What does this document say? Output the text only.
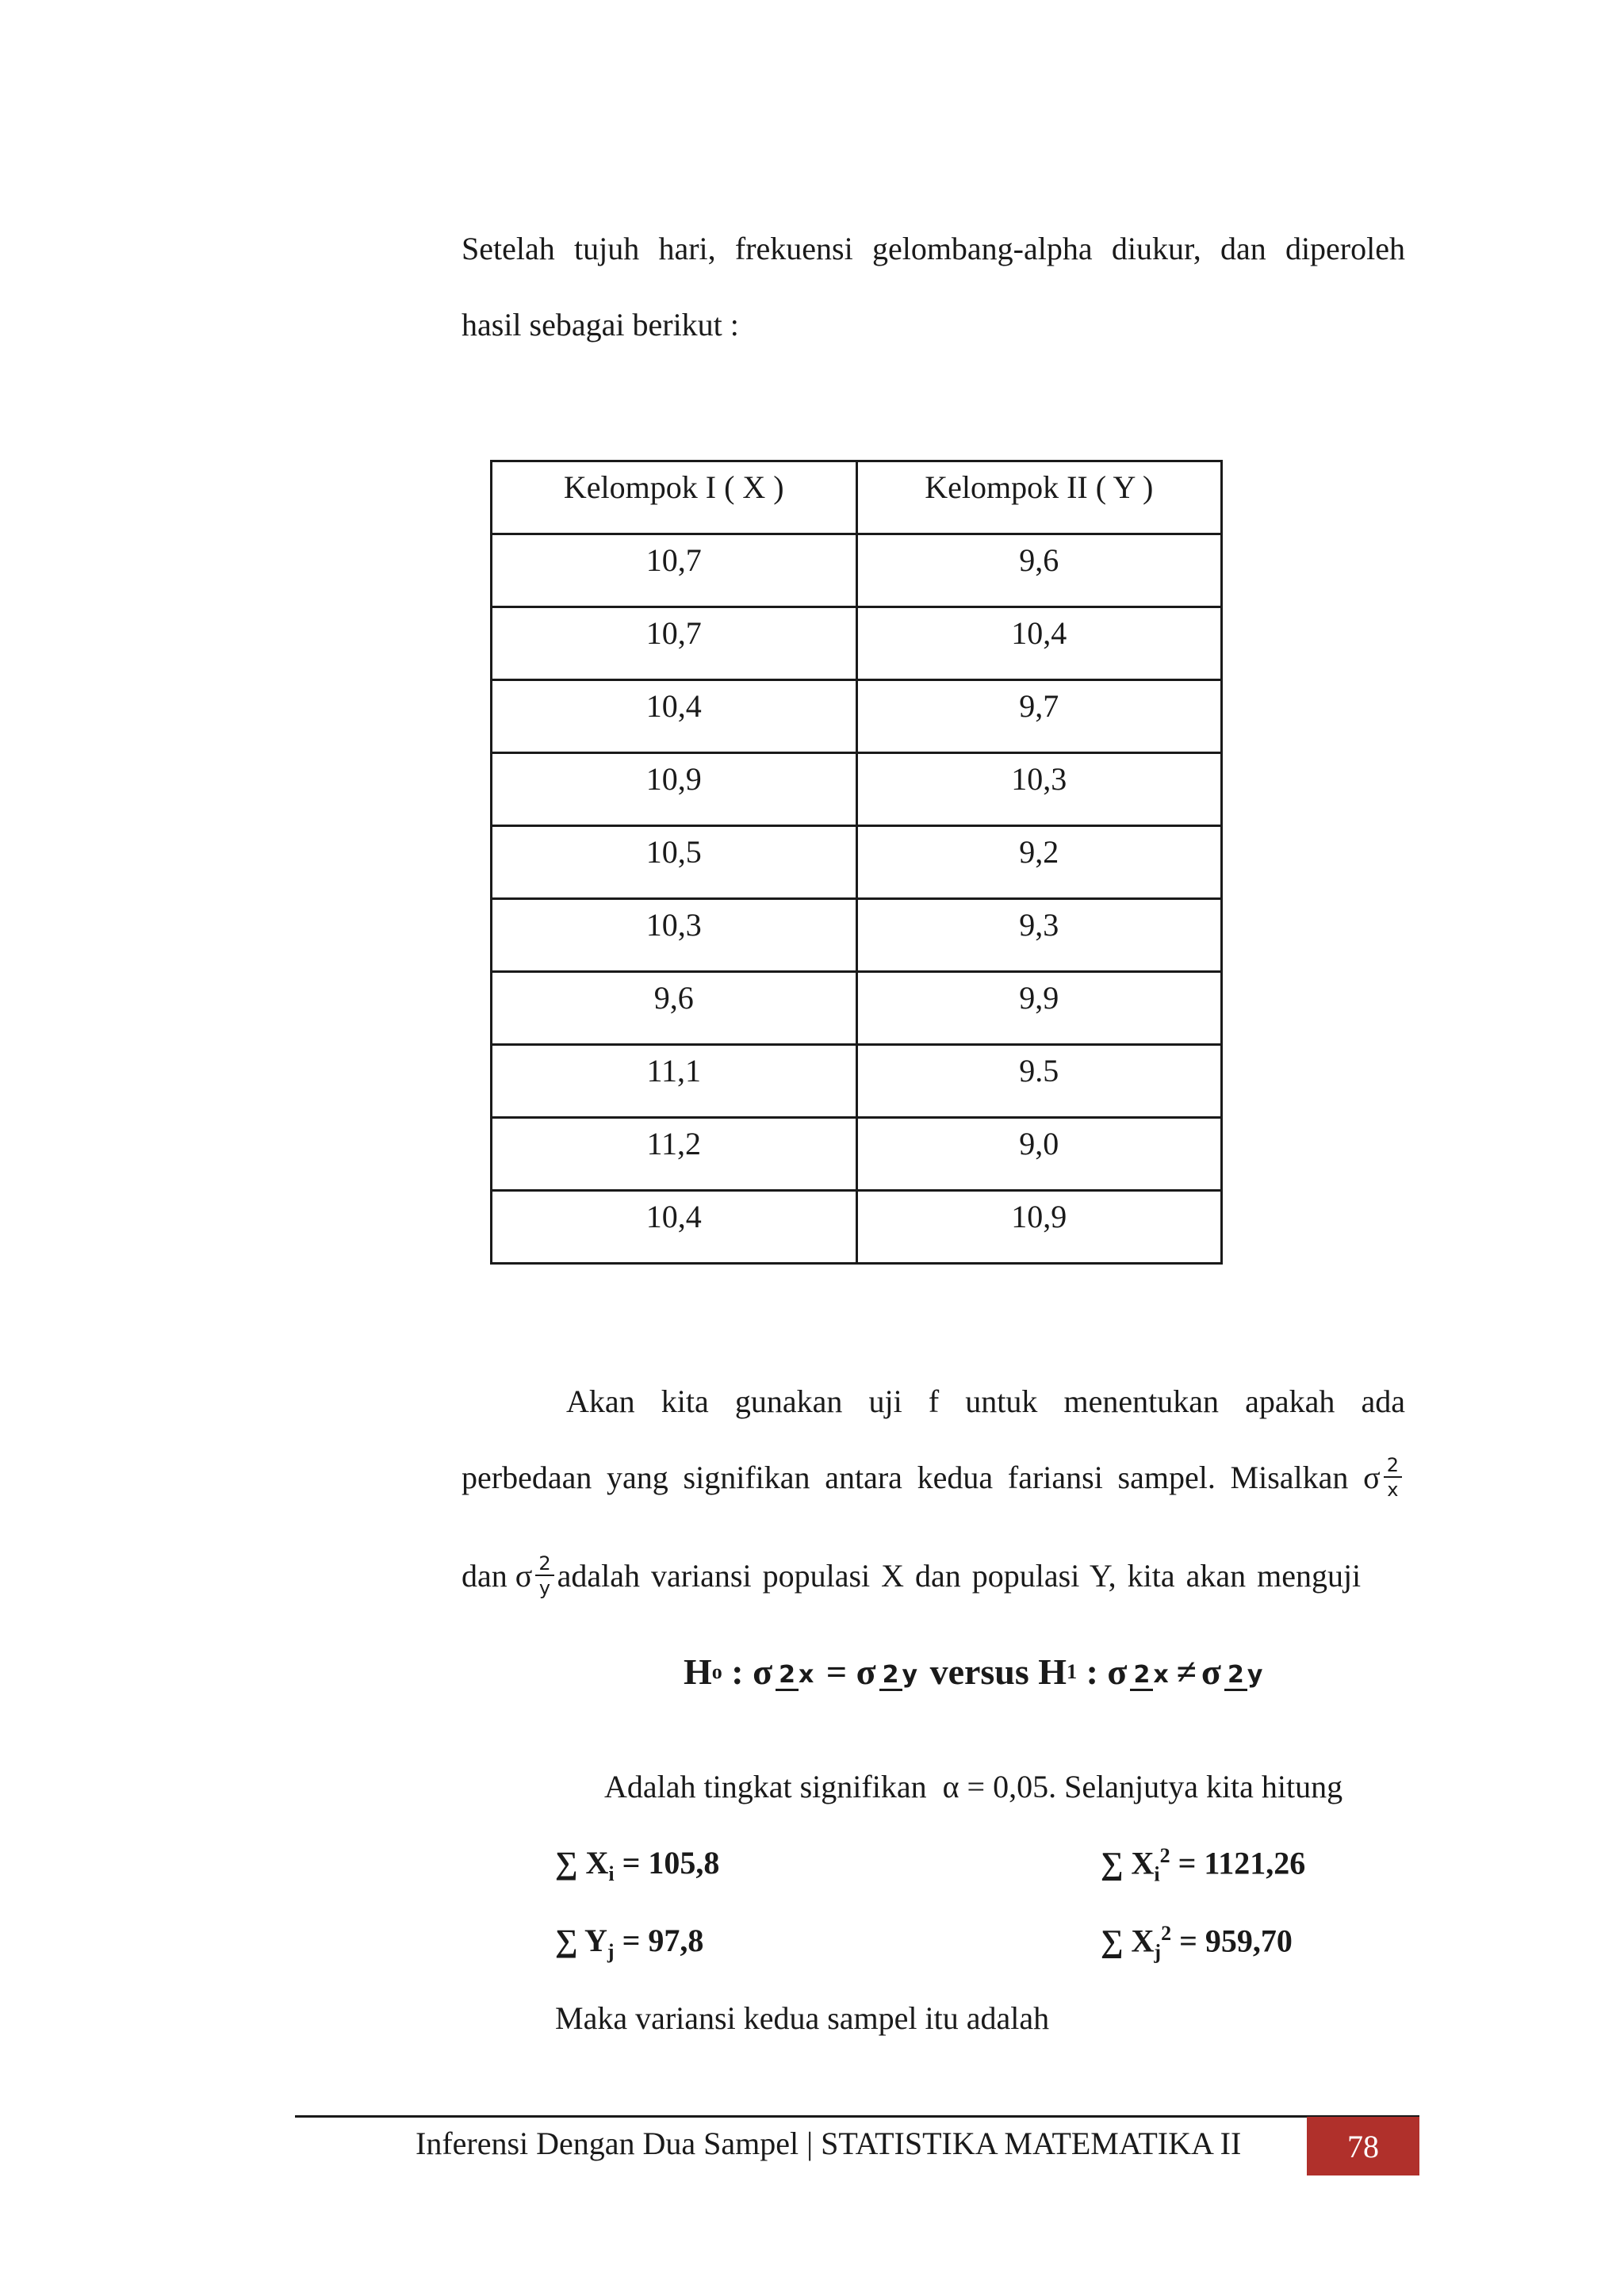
Setelah tujuh hari, frekuensi gelombang-alpha diukur, dan diperoleh
hasil sebagai berikut :
Kelompok I ( X )	Kelompok II ( Y )
10,7	9,6
10,7	10,4
10,4	9,7
10,9	10,3
10,5	9,2
10,3	9,3
9,6	9,9
11,1	9.5
11,2	9,0
10,4	10,9
Akan kita gunakan uji f untuk menentukan apakah ada
perbedaan yang signifikan antara kedua fariansi sampel. Misalkan σ $\frac{2}{x}$
dan σ $\frac{2}{y}$ adalah variansi populasi X dan populasi Y, kita akan menguji
H o : σ 2 x = σ 2 y versus H 1 : σ 2 x ≠ σ 2 y
Adalah tingkat signifikan  α = 0,05. Selanjutya kita hitung
∑ $X_i = 105,8$	∑ $X_i^2 = 1121,26$
∑ $Y_j = 97,8$	∑ $X_j^2 = 959,70$
Maka variansi kedua sampel itu adalah
Inferensi Dengan Dua Sampel | STATISTIKA MATEMATIKA II	78
